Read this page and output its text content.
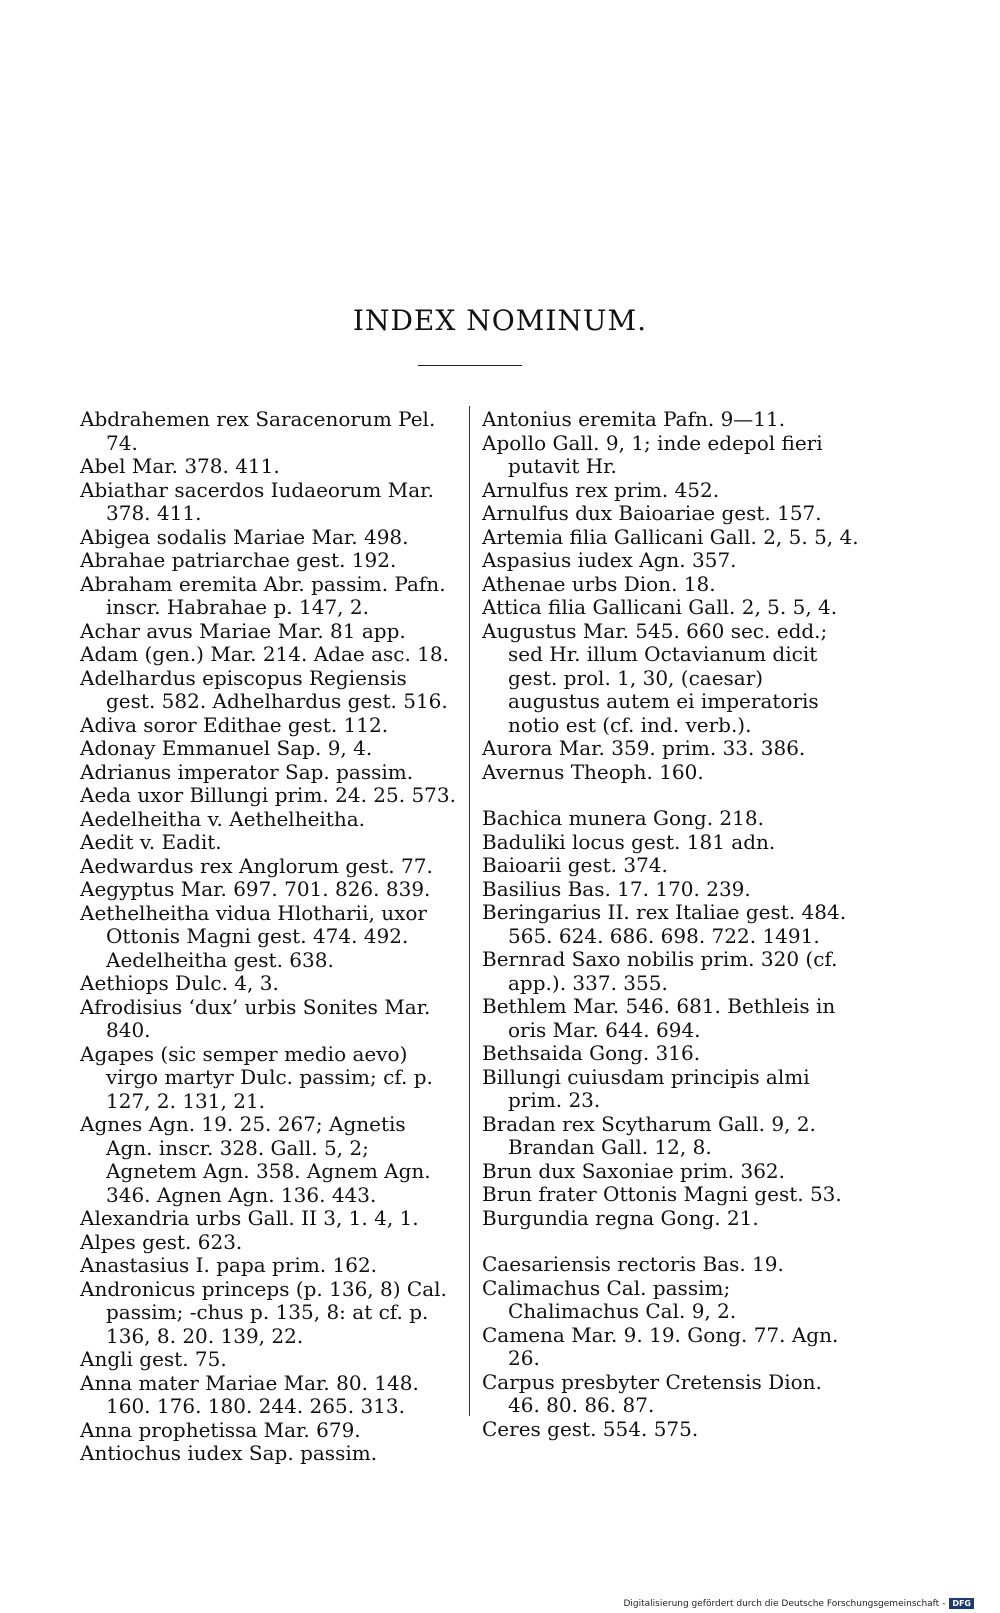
INDEX NOMINUM.

Abdrahemen rex Saracenorum Pel. 74.

Abel Mar. 378. 411.

Abiathar sacerdos Iudaeorum Mar. 378. 411.

Abigea sodalis Mariae Mar. 498.

Abrahae patriarchae gest. 192.

Abraham eremita Abr. passim. Pafn. inscr. Habrahae p. 147, 2.

Achar avus Mariae Mar. 81 app.

Adam (gen.) Mar. 214. Adae asc. 18.

Adelhardus episcopus Regiensis gest. 582. Adhelhardus gest. 516.

Adiva soror Edithae gest. 112.

Adonay Emmanuel Sap. 9, 4.

Adrianus imperator Sap. passim.

Aeda uxor Billungi prim. 24. 25. 573.

Aedelheitha v. Aethelheitha.

Aedit v. Eadit.

Aedwardus rex Anglorum gest. 77.

Aegyptus Mar. 697. 701. 826. 839.

Aethelheitha vidua Hlotharii, uxor Ottonis Magni gest. 474. 492. Aedelheitha gest. 638.

Aethiops Dulc. 4, 3.

Afrodisius ‘dux’ urbis Sonites Mar. 840.

Agapes (sic semper medio aevo) virgo martyr Dulc. passim; cf. p. 127, 2. 131, 21.

Agnes Agn. 19. 25. 267; Agnetis Agn. inscr. 328. Gall. 5, 2; Agnetem Agn. 358. Agnem Agn. 346. Agnen Agn. 136. 443.

Alexandria urbs Gall. II 3, 1. 4, 1.

Alpes gest. 623.

Anastasius I. papa prim. 162.

Andronicus princeps (p. 136, 8) Cal. passim; -chus p. 135, 8: at cf. p. 136, 8. 20. 139, 22.

Angli gest. 75.

Anna mater Mariae Mar. 80. 148. 160. 176. 180. 244. 265. 313.

Anna prophetissa Mar. 679.

Antiochus iudex Sap. passim.

Antonius eremita Pafn. 9—11.

Apollo Gall. 9, 1; inde edepol fieri putavit Hr.

Arnulfus rex prim. 452.

Arnulfus dux Baioariae gest. 157.

Artemia filia Gallicani Gall. 2, 5. 5, 4.

Aspasius iudex Agn. 357.

Athenae urbs Dion. 18.

Attica filia Gallicani Gall. 2, 5. 5, 4.

Augustus Mar. 545. 660 sec. edd.; sed Hr. illum Octavianum dicit gest. prol. 1, 30, (caesar) augustus autem ei imperatoris notio est (cf. ind. verb.).

Aurora Mar. 359. prim. 33. 386.

Avernus Theoph. 160.

Bachica munera Gong. 218.

Baduliki locus gest. 181 adn.

Baioarii gest. 374.

Basilius Bas. 17. 170. 239.

Beringarius II. rex Italiae gest. 484. 565. 624. 686. 698. 722. 1491.

Bernrad Saxo nobilis prim. 320 (cf. app.). 337. 355.

Bethlem Mar. 546. 681. Bethleis in oris Mar. 644. 694.

Bethsaida Gong. 316.

Billungi cuiusdam principis almi prim. 23.

Bradan rex Scytharum Gall. 9, 2. Brandan Gall. 12, 8.

Brun dux Saxoniae prim. 362.

Brun frater Ottonis Magni gest. 53.

Burgundia regna Gong. 21.

Caesariensis rectoris Bas. 19.

Calimachus Cal. passim; Chalimachus Cal. 9, 2.

Camena Mar. 9. 19. Gong. 77. Agn. 26.

Carpus presbyter Cretensis Dion. 46. 80. 86. 87.

Ceres gest. 554. 575.

Digitalisierung gefördert durch die Deutsche Forschungsgemeinschaft - DFG
